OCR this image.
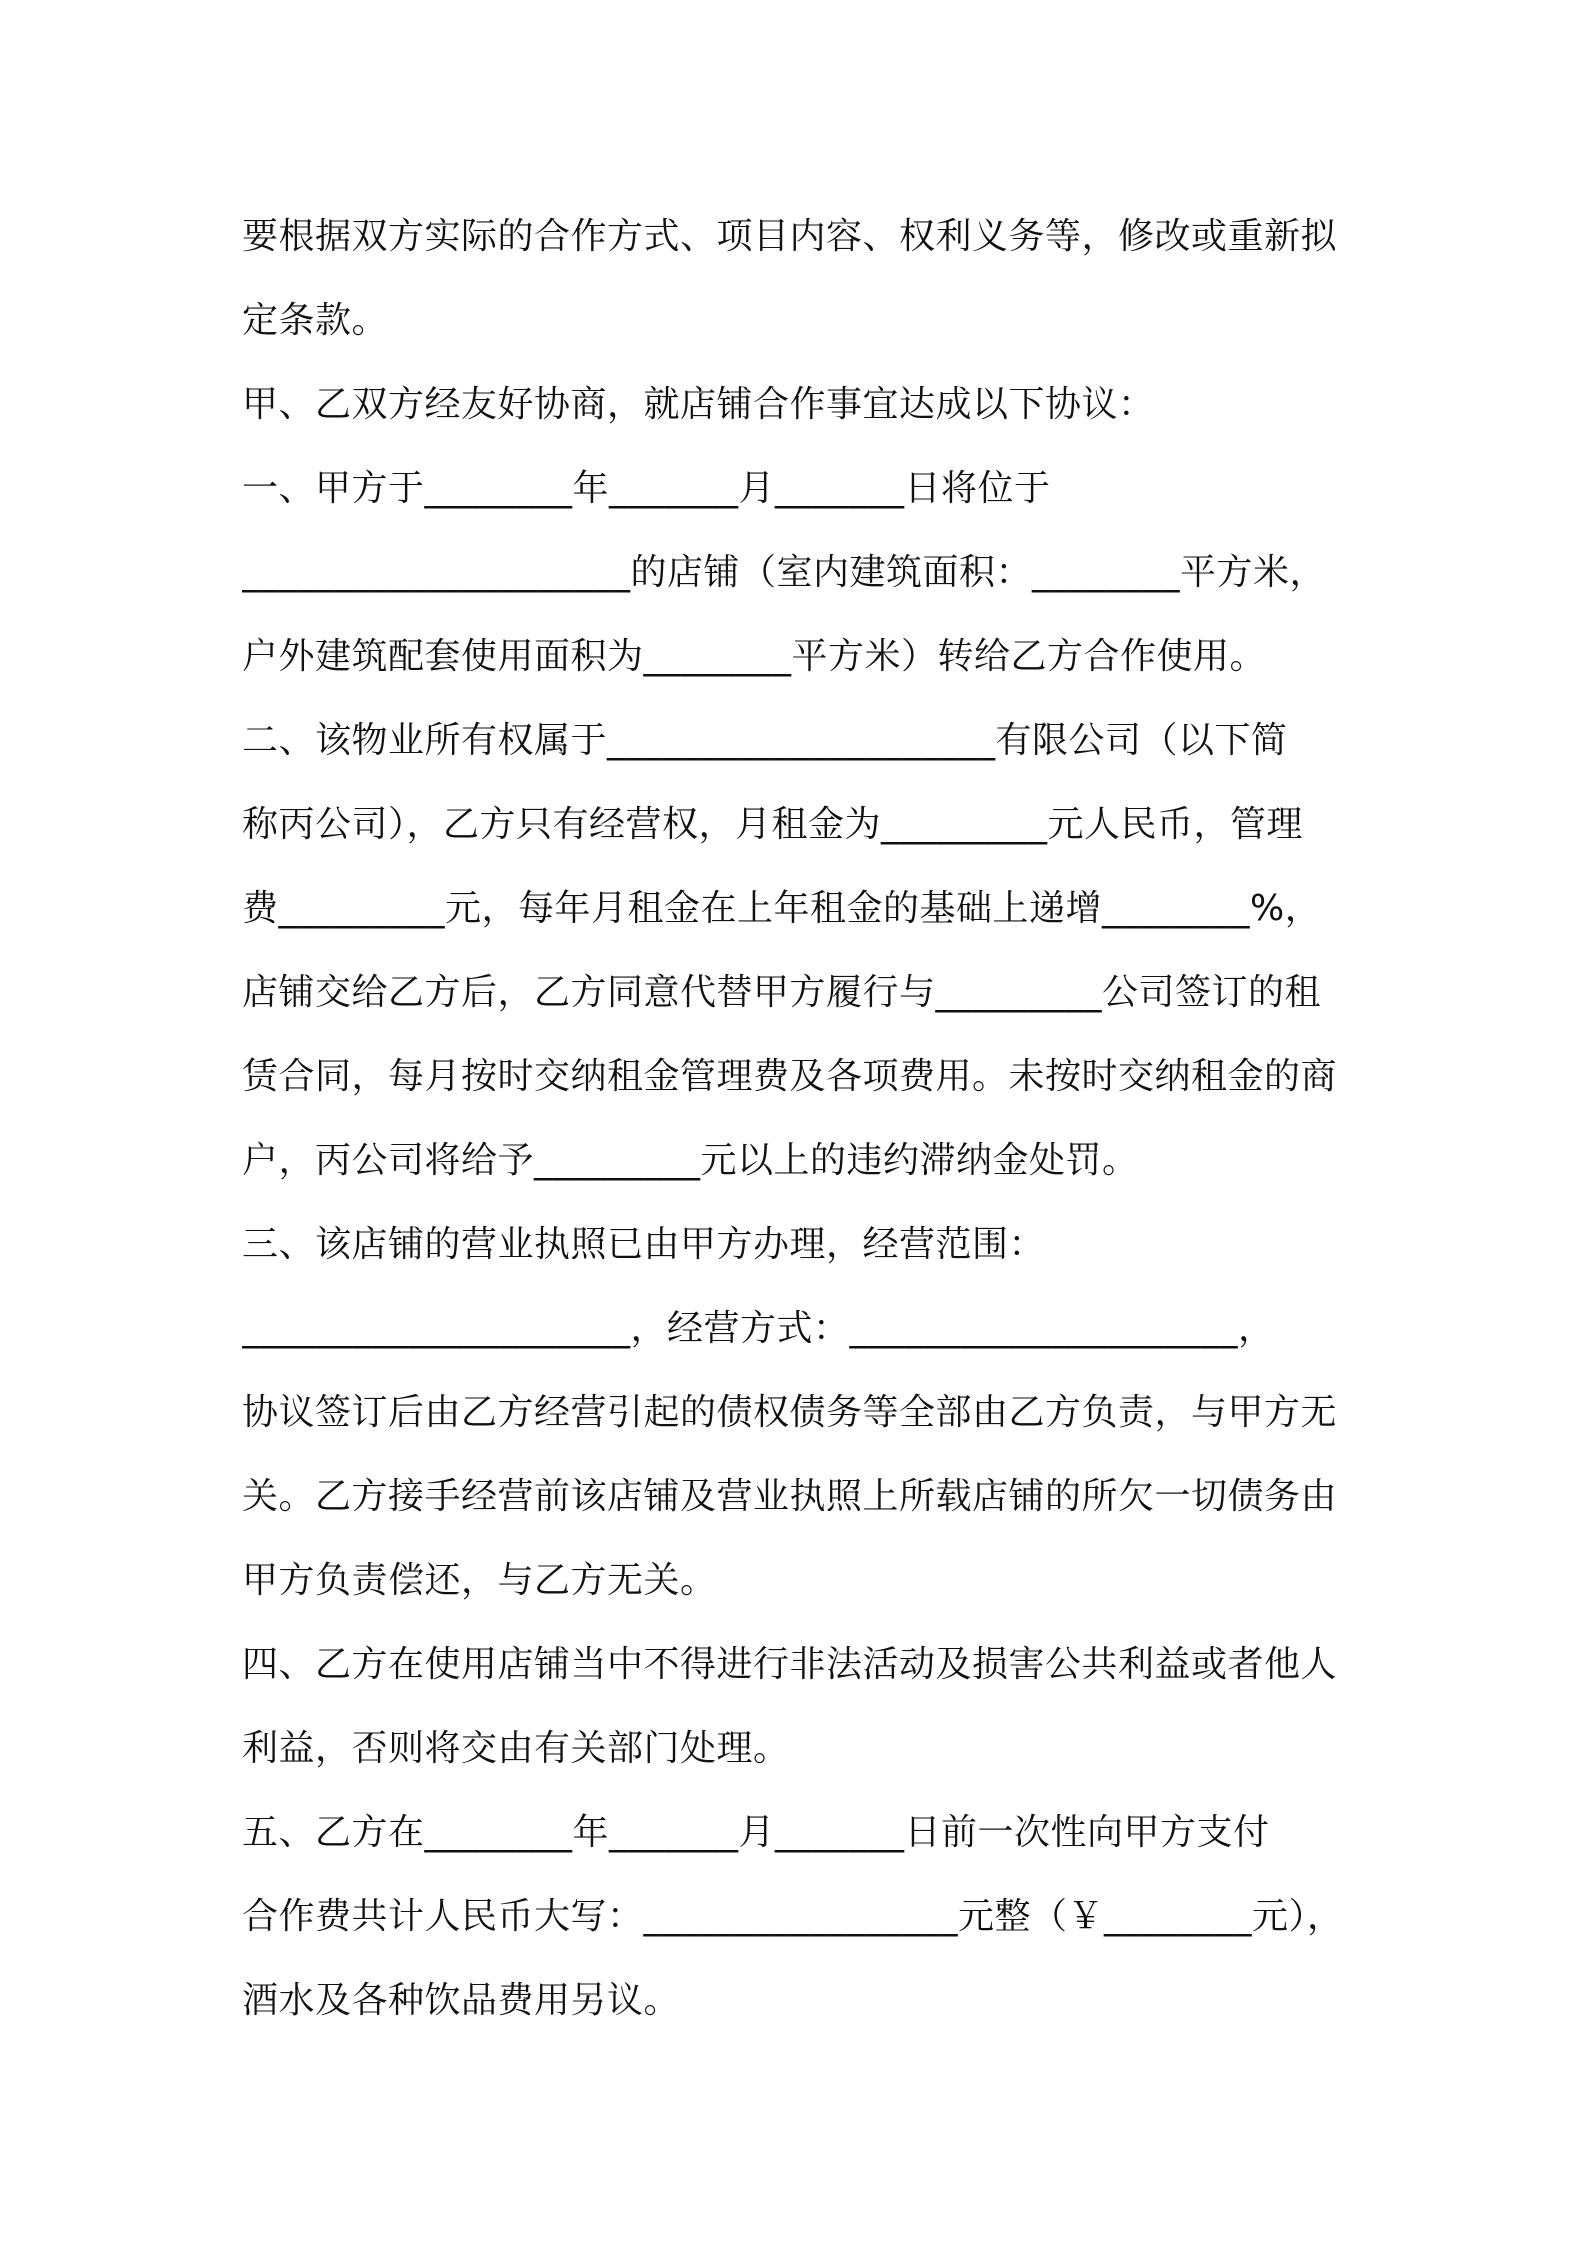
要根据双方实际的合作方式、项目内容、权利义务等，修改或重新拟

定条款。

甲、乙双方经友好协商，就店铺合作事宜达成以下协议：

一、甲方于________年_______月_______日将位于

_____________________的店铺（室内建筑面积：________平方米，

户外建筑配套使用面积为________平方米）转给乙方合作使用。

二、该物业所有权属于_____________________有限公司（以下简

称丙公司），乙方只有经营权，月租金为_________元人民币，管理

费_________元，每年月租金在上年租金的基础上递增________%，

店铺交给乙方后，乙方同意代替甲方履行与_________公司签订的租

赁合同，每月按时交纳租金管理费及各项费用。未按时交纳租金的商

户，丙公司将给予_________元以上的违约滞纳金处罚。

三、该店铺的营业执照已由甲方办理，经营范围：

_____________________，经营方式：_____________________，

协议签订后由乙方经营引起的债权债务等全部由乙方负责，与甲方无

关。乙方接手经营前该店铺及营业执照上所载店铺的所欠一切债务由

甲方负责偿还，与乙方无关。

四、乙方在使用店铺当中不得进行非法活动及损害公共利益或者他人

利益，否则将交由有关部门处理。

五、乙方在________年_______月_______日前一次性向甲方支付

合作费共计人民币大写：_________________元整（￥________元），

酒水及各种饮品费用另议。
